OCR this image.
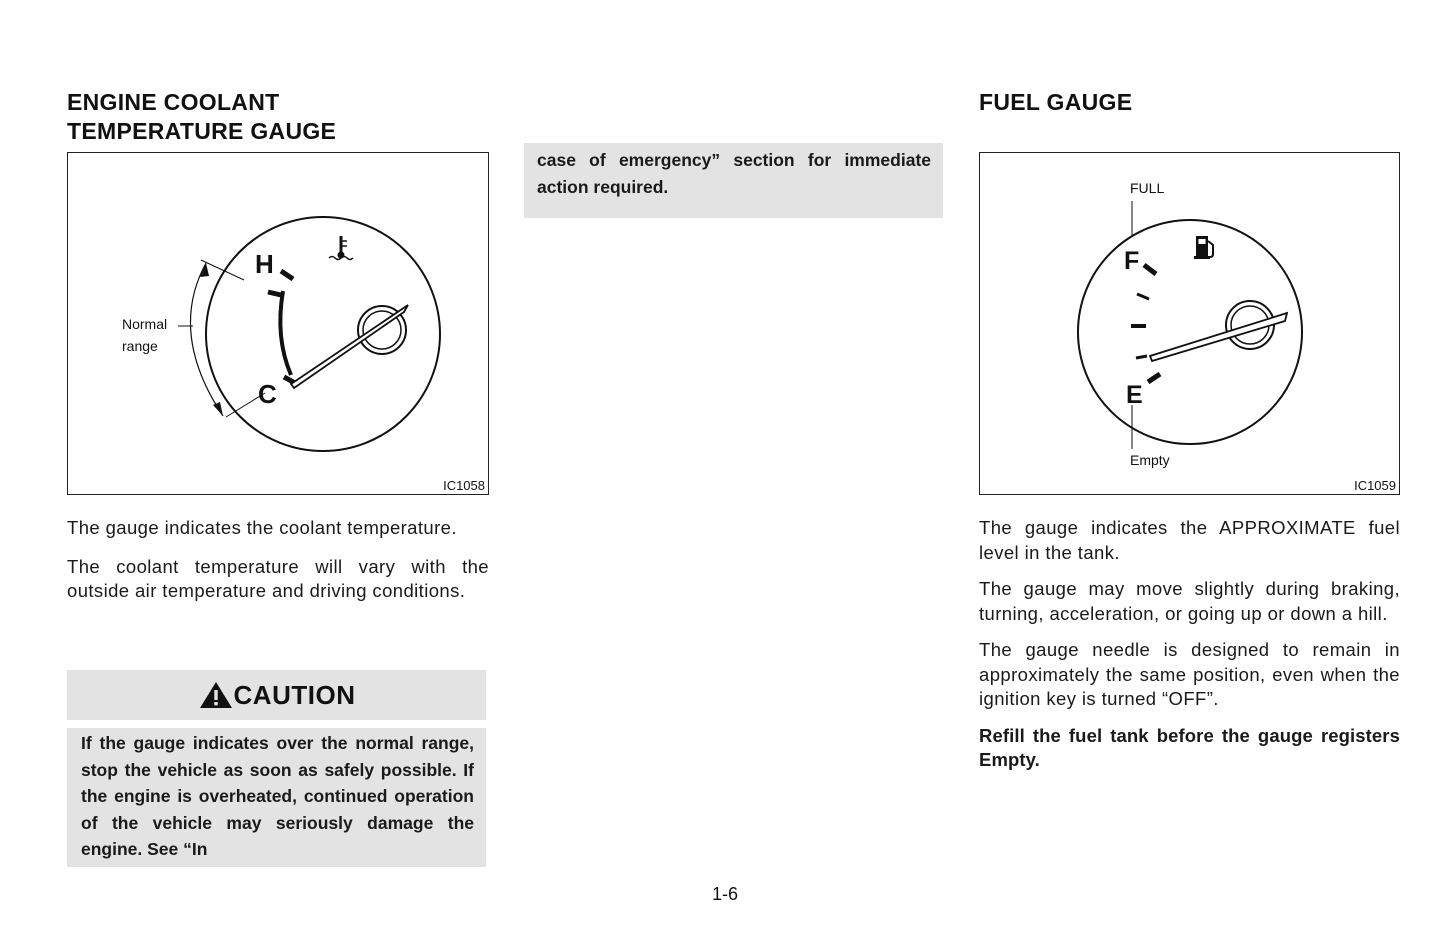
ENGINE COOLANT

TEMPERATURE GAUGE

H
C
Normal
range
IC1058

The gauge indicates the coolant temperature.

The coolant temperature will vary with the outside air temperature and driving conditions.

CAUTION
If the gauge indicates over the normal range, stop the vehicle as soon as safely possible. If the engine is overheated, continued operation of the vehicle may seriously damage the engine. See “In
case of emergency” section for immediate action required.

FUEL GAUGE

FULL
F
E
Empty
IC1059

The gauge indicates the APPROXIMATE fuel level in the tank.

The gauge may move slightly during braking, turning, acceleration, or going up or down a hill.

The gauge needle is designed to remain in approximately the same position, even when the ignition key is turned “OFF”.

Refill the fuel tank before the gauge registers Empty.

1-6
